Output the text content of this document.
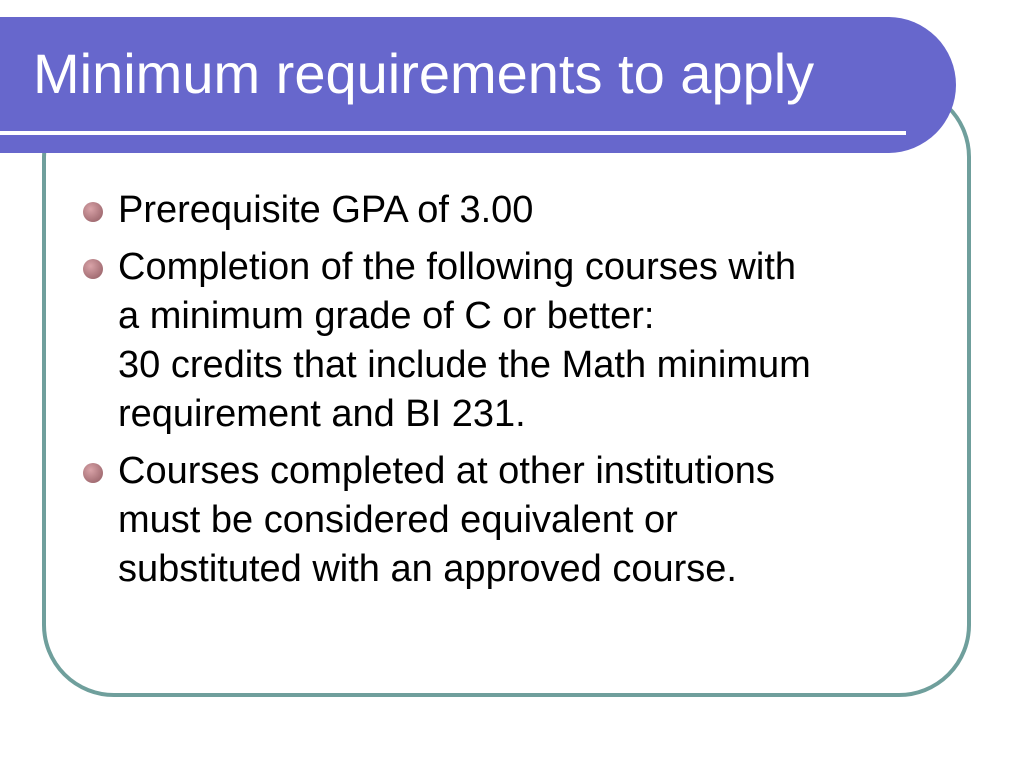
Minimum requirements to apply
Prerequisite GPA of 3.00
Completion of the following courses with
a minimum grade of C or better:
30 credits that include the Math minimum
requirement and BI 231.
Courses completed at other institutions
must be considered equivalent or
substituted with an approved course.
